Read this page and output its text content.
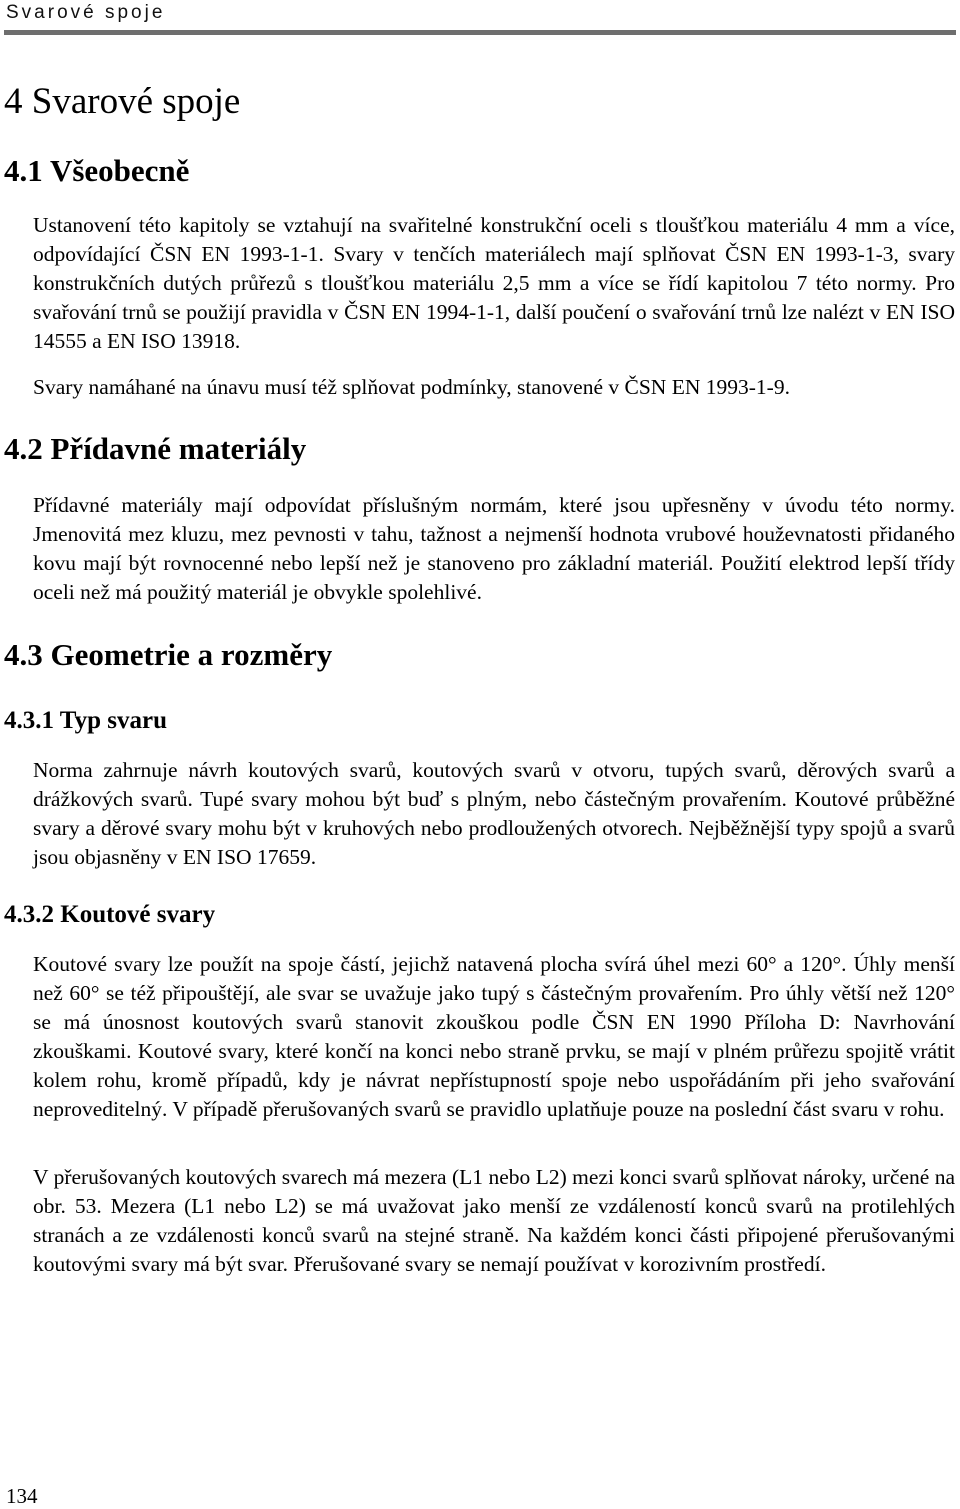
Svarové spoje
4 Svarové spoje
4.1 Všeobecně

Ustanovení této kapitoly se vztahují na svařitelné konstrukční oceli s tloušťkou materiálu 4 mm a více, odpovídající ČSN EN 1993-1-1. Svary v tenčích materiálech mají splňovat ČSN EN 1993-1-3, svary konstrukčních dutých průřezů s tloušťkou materiálu 2,5 mm a více se řídí kapitolou 7 této normy. Pro svařování trnů se použijí pravidla v ČSN EN 1994-1-1, další poučení o svařování trnů lze nalézt v EN ISO 14555 a EN ISO 13918.

Svary namáhané na únavu musí též splňovat podmínky, stanovené v ČSN EN 1993-1-9.

4.2 Přídavné materiály

Přídavné materiály mají odpovídat příslušným normám, které jsou upřesněny v úvodu této normy. Jmenovitá mez kluzu, mez pevnosti v tahu, tažnost a nejmenší hodnota vrubové houževnatosti přidaného kovu mají být rovnocenné nebo lepší než je stanoveno pro základní materiál. Použití elektrod lepší třídy oceli než má použitý materiál je obvykle spolehlivé.

4.3 Geometrie a rozměry
4.3.1 Typ svaru

Norma zahrnuje návrh koutových svarů, koutových svarů v otvoru, tupých svarů, děrových svarů a drážkových svarů. Tupé svary mohou být buď s plným, nebo částečným provařením. Koutové průběžné svary a děrové svary mohu být v kruhových nebo prodloužených otvorech. Nejběžnější typy spojů a svarů jsou objasněny v EN ISO 17659.

4.3.2 Koutové svary

Koutové svary lze použít na spoje částí, jejichž natavená plocha svírá úhel mezi 60° a 120°. Úhly menší než 60° se též připouštějí, ale svar se uvažuje jako tupý s částečným provařením. Pro úhly větší než 120° se má únosnost koutových svarů stanovit zkouškou podle ČSN EN 1990 Příloha D: Navrhování zkouškami. Koutové svary, které končí na konci nebo straně prvku, se mají v plném průřezu spojitě vrátit kolem rohu, kromě případů, kdy je návrat nepřístupností spoje nebo uspořádáním při jeho svařování neproveditelný. V případě přerušovaných svarů se pravidlo uplatňuje pouze na poslední část svaru v rohu.

V přerušovaných koutových svarech má mezera (L1 nebo L2) mezi konci svarů splňovat nároky, určené na obr. 53. Mezera (L1 nebo L2) se má uvažovat jako menší ze vzdáleností konců svarů na protilehlých stranách a ze vzdálenosti konců svarů na stejné straně. Na každém konci části připojené přerušovanými koutovými svary má být svar. Přerušované svary se nemají používat v korozivním prostředí.

134
